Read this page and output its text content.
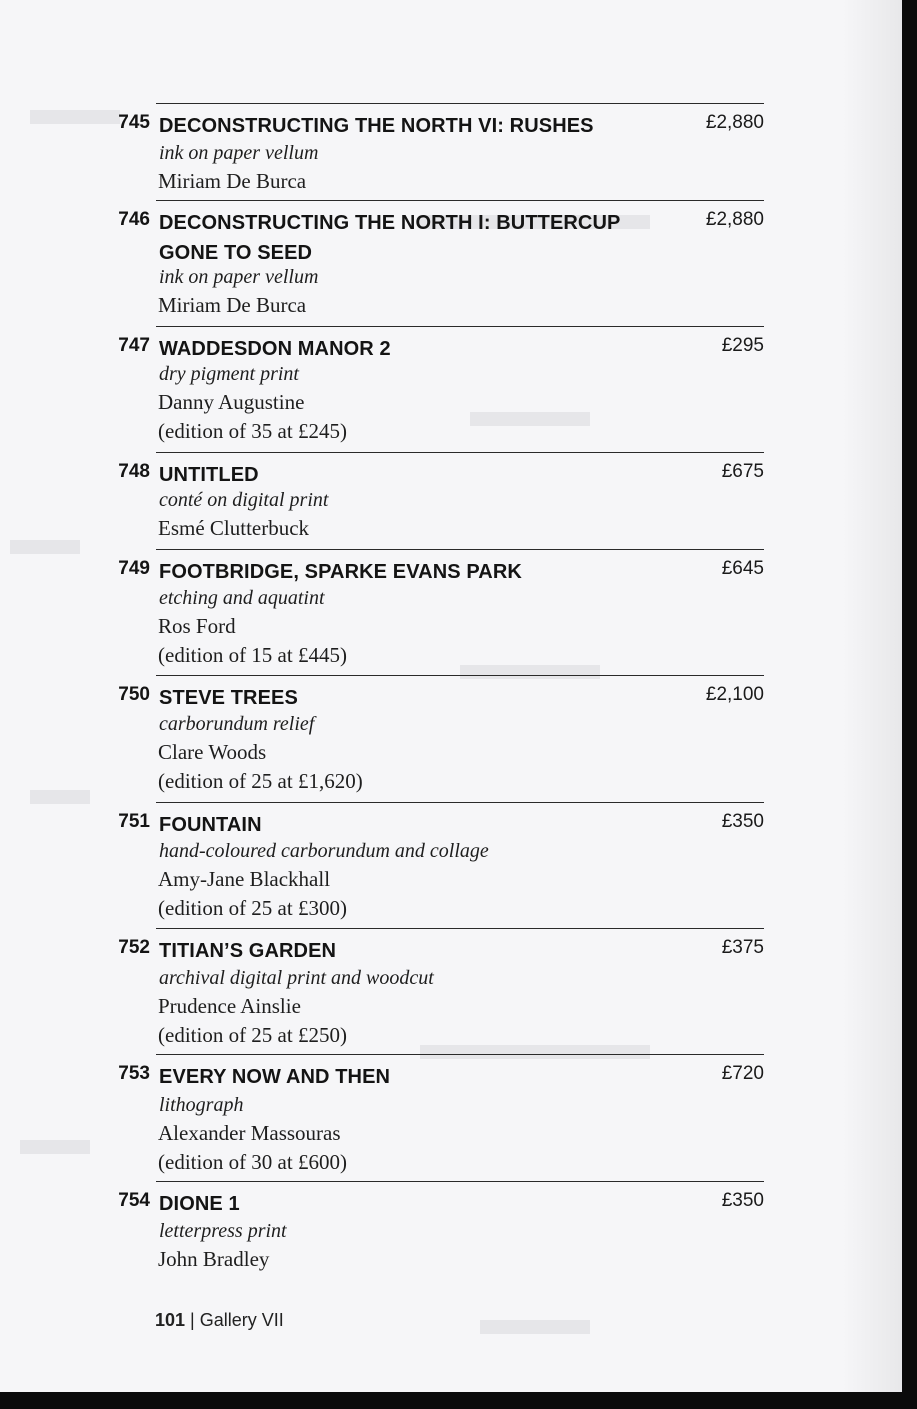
745 DECONSTRUCTING THE NORTH VI: RUSHES	£2,880
ink on paper vellum
Miriam De Burca
746 DECONSTRUCTING THE NORTH I: BUTTERCUP GONE TO SEED
£2,880
ink on paper vellum
Miriam De Burca
747 WADDESDON MANOR 2	£295
dry pigment print
Danny Augustine
(edition of 35 at £245)
748 UNTITLED	£675
conté on digital print
Esmé Clutterbuck
749 FOOTBRIDGE, SPARKE EVANS PARK	£645
etching and aquatint
Ros Ford
(edition of 15 at £445)
750 STEVE TREES	£2,100
carborundum relief
Clare Woods
(edition of 25 at £1,620)
751 FOUNTAIN	£350
hand-coloured carborundum and collage
Amy-Jane Blackhall
(edition of 25 at £300)
752 TITIAN’S GARDEN	£375
archival digital print and woodcut
Prudence Ainslie
(edition of 25 at £250)
753 EVERY NOW AND THEN	£720
lithograph
Alexander Massouras
(edition of 30 at £600)
754 DIONE 1	£350
letterpress print
John Bradley
101 | Gallery VII
